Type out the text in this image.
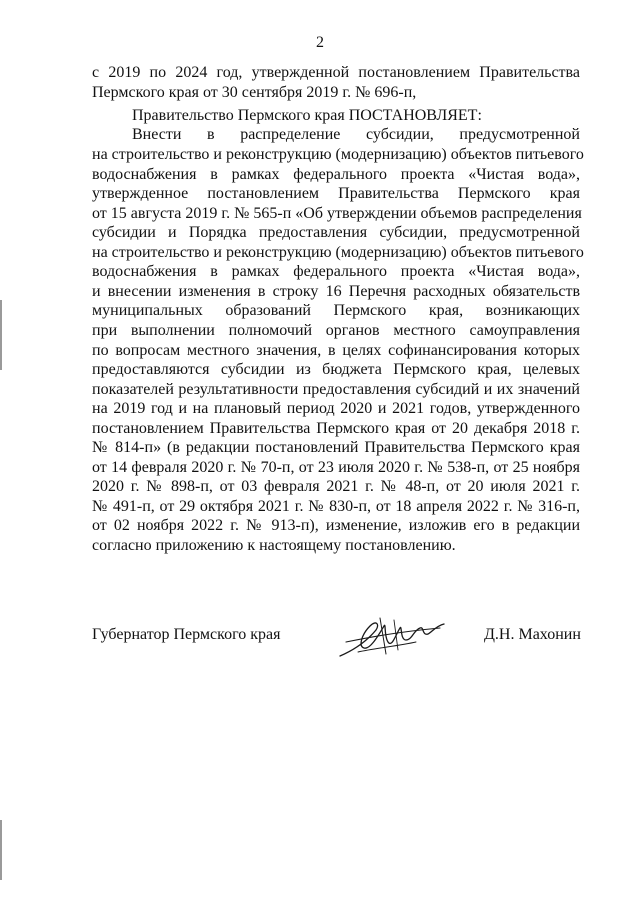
2
с 2019 по 2024 год, утвержденной постановлением Правительства
Пермского края от 30 сентября 2019 г. № 696-п,
Правительство Пермского края ПОСТАНОВЛЯЕТ:
Внести в распределение субсидии, предусмотренной
на строительство и реконструкцию (модернизацию) объектов питьевого
водоснабжения в рамках федерального проекта «Чистая вода»,
утвержденное постановлением Правительства Пермского края
от 15 августа 2019 г. № 565-п «Об утверждении объемов распределения
субсидии и Порядка предоставления субсидии, предусмотренной
на строительство и реконструкцию (модернизацию) объектов питьевого
водоснабжения в рамках федерального проекта «Чистая вода»,
и внесении изменения в строку 16 Перечня расходных обязательств
муниципальных образований Пермского края, возникающих
при выполнении полномочий органов местного самоуправления
по вопросам местного значения, в целях софинансирования которых
предоставляются субсидии из бюджета Пермского края, целевых
показателей результативности предоставления субсидий и их значений
на 2019 год и на плановый период 2020 и 2021 годов, утвержденного
постановлением Правительства Пермского края от 20 декабря 2018 г.
№ 814-п» (в редакции постановлений Правительства Пермского края
от 14 февраля 2020 г. № 70-п, от 23 июля 2020 г. № 538-п, от 25 ноября
2020 г. № 898-п, от 03 февраля 2021 г. № 48-п, от 20 июля 2021 г.
№ 491-п, от 29 октября 2021 г. № 830-п, от 18 апреля 2022 г. № 316-п,
от 02 ноября 2022 г. № 913-п), изменение, изложив его в редакции
согласно приложению к настоящему постановлению.
Губернатор Пермского края	Д.Н. Махонин
